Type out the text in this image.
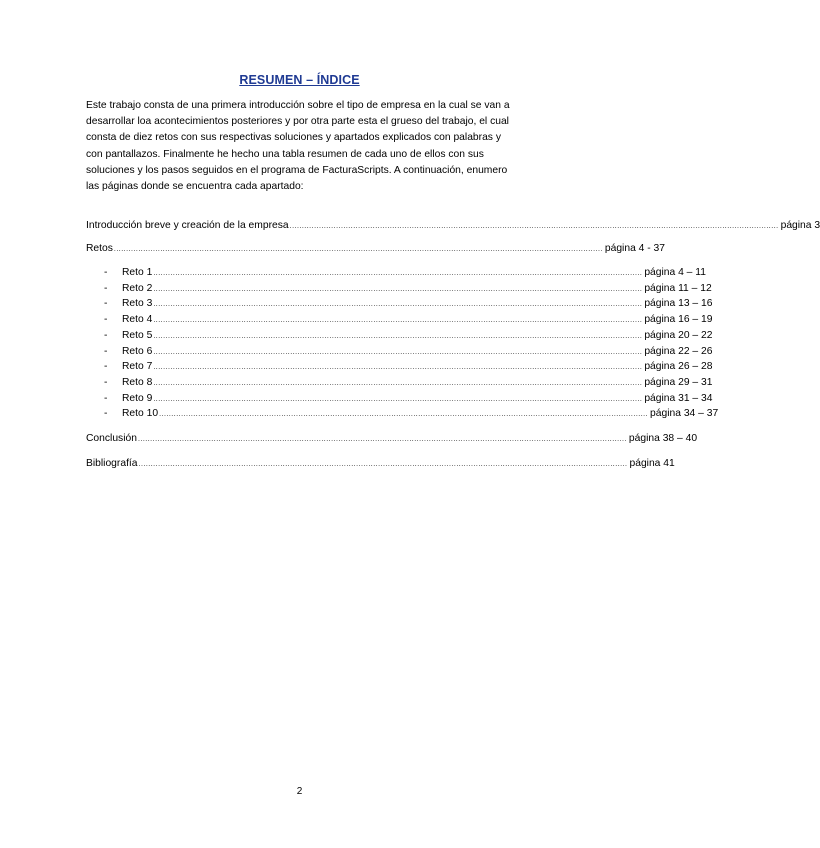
RESUMEN – ÍNDICE

Este trabajo consta de una primera introducción sobre el tipo de empresa en la cual se van a desarrollar loa acontecimientos posteriores y por otra parte esta el grueso del trabajo, el cual consta de diez retos con sus respectivas soluciones y apartados explicados con palabras y con pantallazos. Finalmente he hecho una tabla resumen de cada uno de ellos con sus soluciones y los pasos seguidos en el programa de FacturaScripts. A continuación, enumero las páginas donde se encuentra cada apartado:

Introducción breve y creación de la empresa ........................................................................................................................................................................................................ página 3
Retos ........................................................................................................................................................................................................ página 4 - 37
- Reto 1 ........................................................................................................................................................................................................ página 4 – 11
- Reto 2 ........................................................................................................................................................................................................ página 11 – 12
- Reto 3 ........................................................................................................................................................................................................ página 13 – 16
- Reto 4 ........................................................................................................................................................................................................ página 16 – 19
- Reto 5 ........................................................................................................................................................................................................ página 20 – 22
- Reto 6 ........................................................................................................................................................................................................ página 22 – 26
- Reto 7 ........................................................................................................................................................................................................ página 26 – 28
- Reto 8 ........................................................................................................................................................................................................ página 29 – 31
- Reto 9 ........................................................................................................................................................................................................ página 31 – 34
- Reto 10 ........................................................................................................................................................................................................ página 34 – 37
Conclusión ........................................................................................................................................................................................................ página 38 – 40
Bibliografía ........................................................................................................................................................................................................ página 41
2
